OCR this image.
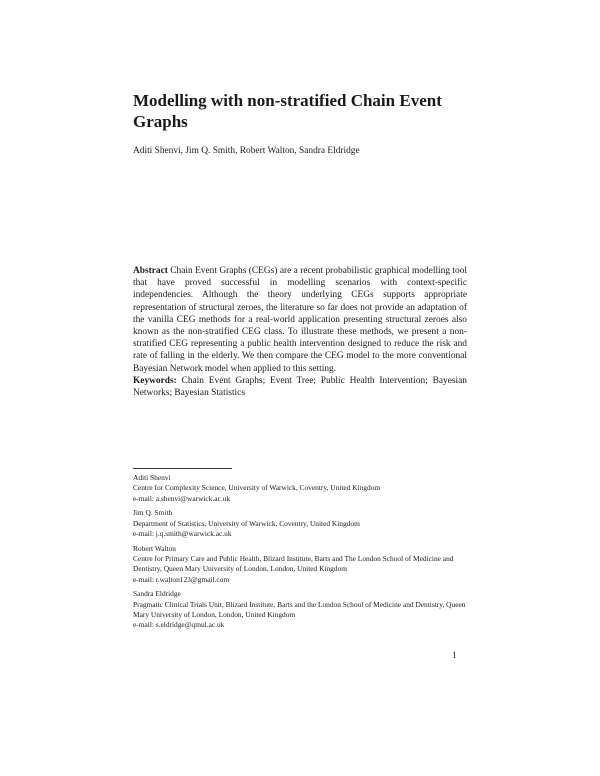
Modelling with non-stratified Chain Event Graphs
Aditi Shenvi, Jim Q. Smith, Robert Walton, Sandra Eldridge
Abstract Chain Event Graphs (CEGs) are a recent probabilistic graphical modelling tool that have proved successful in modelling scenarios with context-specific independencies. Although the theory underlying CEGs supports appropriate representation of structural zeroes, the literature so far does not provide an adaptation of the vanilla CEG methods for a real-world application presenting structural zeroes also known as the non-stratified CEG class. To illustrate these methods, we present a non-stratified CEG representing a public health intervention designed to reduce the risk and rate of falling in the elderly. We then compare the CEG model to the more conventional Bayesian Network model when applied to this setting.
Keywords: Chain Event Graphs; Event Tree; Public Health Intervention; Bayesian Networks; Bayesian Statistics
Aditi Shenvi
Centre for Complexity Science, University of Warwick, Coventry, United Kingdom
e-mail: a.shenvi@warwick.ac.uk
Jim Q. Smith
Department of Statistics, University of Warwick, Coventry, United Kingdom
e-mail: j.q.smith@warwick.ac.uk
Robert Walton
Centre for Primary Care and Public Health, Blizard Institute, Barts and The London School of Medicine and Dentistry, Queen Mary University of London, London, United Kingdom
e-mail: r.walton123@gmail.com
Sandra Eldridge
Pragmatic Clinical Trials Unit, Blizard Institute, Barts and the London School of Medicine and Dentistry, Queen Mary University of London, London, United Kingdom
e-mail: s.eldridge@qmul.ac.uk
1
